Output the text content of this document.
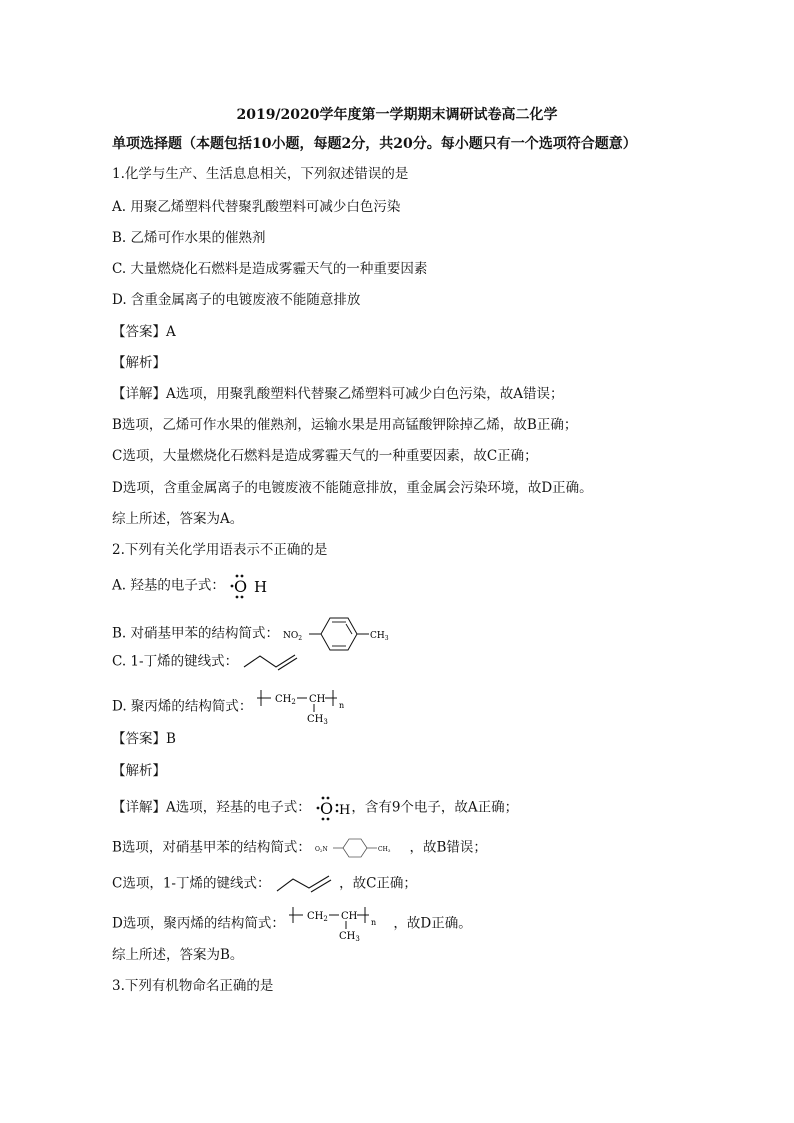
2019/2020学年度第一学期期末调研试卷高二化学
单项选择题（本题包括10小题，每题2分，共20分。每小题只有一个选项符合题意）
1.化学与生产、生活息息相关，下列叙述错误的是
A. 用聚乙烯塑料代替聚乳酸塑料可减少白色污染
B. 乙烯可作水果的催熟剂
C. 大量燃烧化石燃料是造成雾霾天气的一种重要因素
D. 含重金属离子的电镀废液不能随意排放
【答案】A
【解析】
【详解】A选项，用聚乳酸塑料代替聚乙烯塑料可减少白色污染，故A错误；
B选项，乙烯可作水果的催熟剂，运输水果是用高锰酸钾除掉乙烯，故B正确；
C选项，大量燃烧化石燃料是造成雾霾天气的一种重要因素，故C正确；
D选项，含重金属离子的电镀废液不能随意排放，重金属会污染环境，故D正确。
综上所述，答案为A。
2.下列有关化学用语表示不正确的是
A. 羟基的电子式： O H
B. 对硝基甲苯的结构简式： $NO_2$	$CH_3$
C. 1-丁烯的键线式：
D. 聚丙烯的结构简式： $CH_2$ CH
$CH_3$
n
【答案】B
【解析】
【详解】A选项，羟基的电子式： O H ，含有9个电子，故A正确；
B选项，对硝基甲苯的结构简式： O2N	CH3 ，故B错误；
C选项，1-丁烯的键线式：	，故C正确；
D选项，聚丙烯的结构简式： $CH_2$ CH
$CH_3$
n ，故D正确。
综上所述，答案为B。
3.下列有机物命名正确的是
